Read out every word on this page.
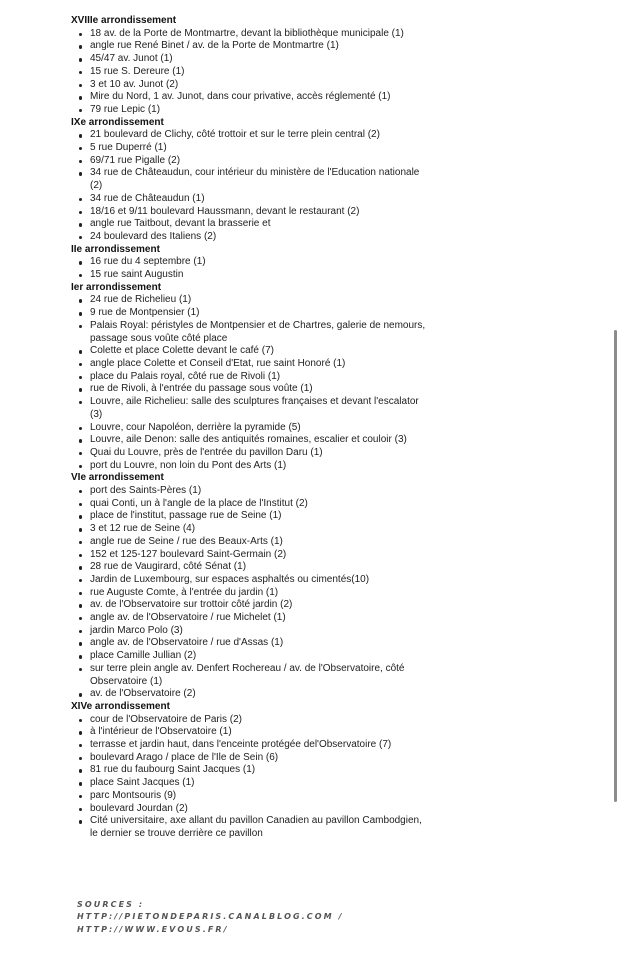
XVIIIe arrondissement
18 av. de la Porte de Montmartre, devant la bibliothèque municipale (1)
angle rue René Binet / av. de la Porte de Montmartre (1)
45/47 av. Junot (1)
15 rue S. Dereure (1)
3 et 10 av. Junot (2)
Mire du Nord, 1 av. Junot, dans cour privative, accès réglementé (1)
79 rue Lepic (1)
IXe arrondissement
21 boulevard de Clichy, côté trottoir et sur le terre plein central (2)
5 rue Duperré (1)
69/71 rue Pigalle (2)
34 rue de Châteaudun, cour intérieur du ministère de l'Education nationale (2)
34 rue de Châteaudun (1)
18/16 et 9/11 boulevard Haussmann, devant le restaurant (2)
angle rue Taitbout, devant la brasserie et
24 boulevard des Italiens (2)
IIe arrondissement
16 rue du 4 septembre (1)
15 rue saint Augustin
Ier arrondissement
24 rue de Richelieu (1)
9 rue de Montpensier (1)
Palais Royal: péristyles de Montpensier et de Chartres, galerie de nemours, passage sous voûte côté place
Colette et place Colette devant le café (7)
angle place Colette et Conseil d'Etat, rue saint Honoré (1)
place du Palais royal, côté rue de Rivoli (1)
rue de Rivoli, à l'entrée du passage sous voûte (1)
Louvre, aile Richelieu: salle des sculptures françaises et devant l'escalator (3)
Louvre, cour Napoléon, derrière la pyramide (5)
Louvre, aile Denon: salle des antiquités romaines, escalier et couloir (3)
Quai du Louvre, près de l'entrée du pavillon Daru (1)
port du Louvre, non loin du Pont des Arts (1)
VIe arrondissement
port des Saints-Pères (1)
quai Conti, un à l'angle de la place de l'Institut (2)
place de l'institut, passage rue de Seine (1)
3 et 12 rue de Seine (4)
angle rue de Seine / rue des Beaux-Arts (1)
152 et 125-127 boulevard Saint-Germain (2)
28 rue de Vaugirard, côté Sénat (1)
Jardin de Luxembourg, sur espaces asphaltés ou cimentés(10)
rue Auguste Comte, à l'entrée du jardin (1)
av. de l'Observatoire sur trottoir côté jardin (2)
angle av. de l'Observatoire / rue Michelet (1)
jardin Marco Polo (3)
angle av. de l'Observatoire / rue d'Assas (1)
place Camille Jullian (2)
sur terre plein angle av. Denfert Rochereau / av. de l'Observatoire, côté Observatoire (1)
av. de l'Observatoire (2)
XIVe arrondissement
cour de l'Observatoire de Paris (2)
à l'intérieur de l'Observatoire (1)
terrasse et jardin haut, dans l'enceinte protégée del'Observatoire (7)
boulevard Arago / place de l'Ile de Sein (6)
81 rue du faubourg Saint Jacques (1)
place Saint Jacques (1)
parc Montsouris (9)
boulevard Jourdan (2)
Cité universitaire, axe allant du pavillon Canadien au pavillon Cambodgien, le dernier se trouve derrière ce pavillon
SOURCES :
HTTP://PIETONDEPARIS.CANALBLOG.COM /
HTTP://WWW.EVOUS.FR/
